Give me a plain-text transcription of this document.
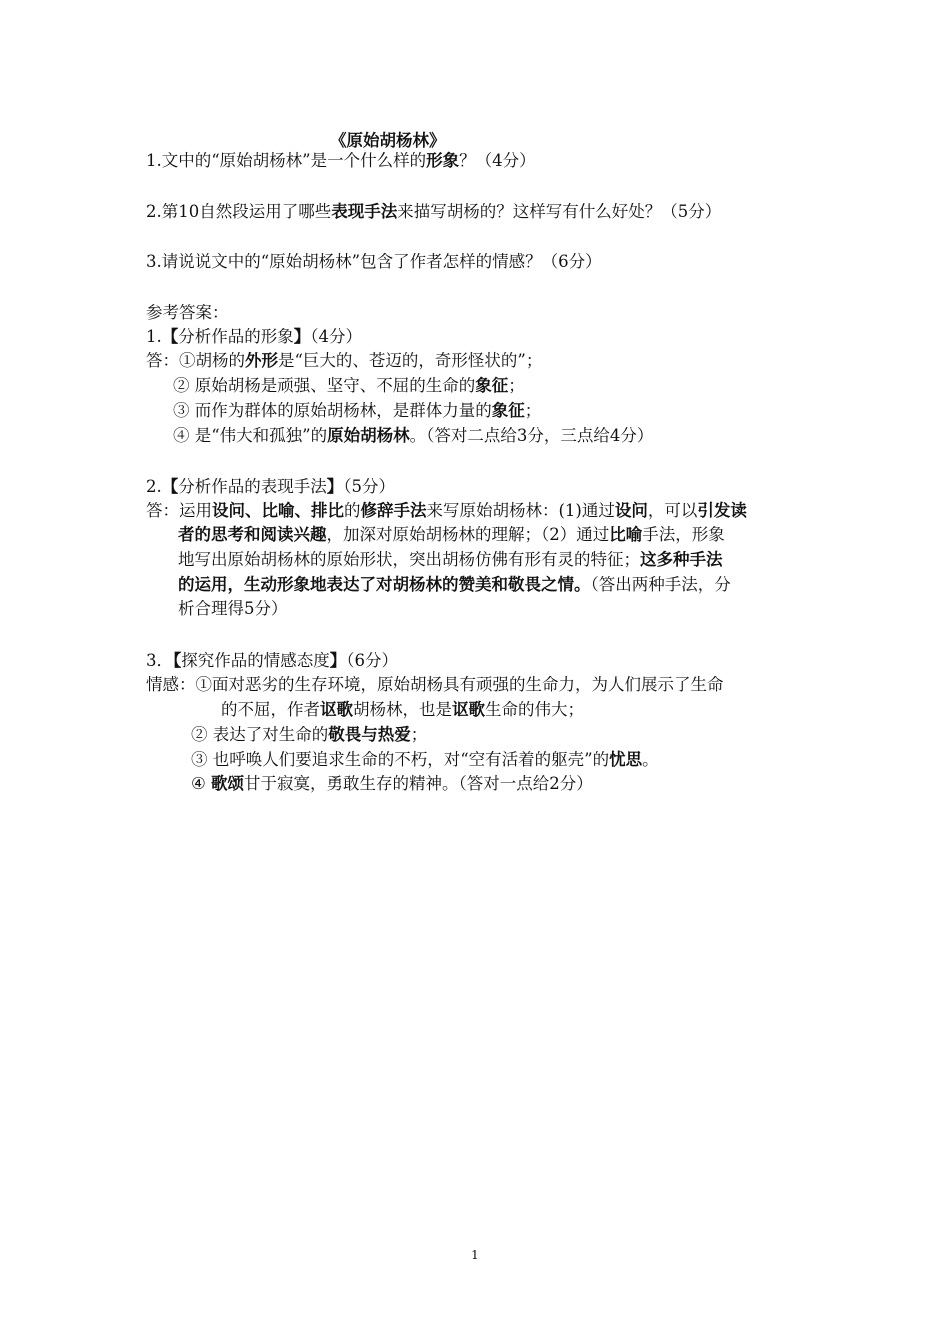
《原始胡杨林》
1.文中的“原始胡杨林”是一个什么样的形象？（4分）
2.第10自然段运用了哪些表现手法来描写胡杨的？这样写有什么好处？（5分）
3.请说说文中的“原始胡杨林”包含了作者怎样的情感？（6分）
参考答案：
1.【分析作品的形象】（4分）
答：①胡杨的外形是“巨大的、苍迈的，奇形怪状的”；
② 原始胡杨是顽强、坚守、不屈的生命的象征；
③ 而作为群体的原始胡杨林，是群体力量的象征；
④ 是“伟大和孤独”的原始胡杨林。（答对二点给3分，三点给4分）
2.【分析作品的表现手法】（5分）
答：运用设问、比喻、排比的修辞手法来写原始胡杨林：(1)通过设问，可以引发读
者的思考和阅读兴趣，加深对原始胡杨林的理解；（2）通过比喻手法，形象
地写出原始胡杨林的原始形状，突出胡杨仿佛有形有灵的特征；这多种手法
的运用，生动形象地表达了对胡杨林的赞美和敬畏之情。（答出两种手法，分
析合理得5分）
3．【探究作品的情感态度】（6分）
情感：①面对恶劣的生存环境，原始胡杨具有顽强的生命力，为人们展示了生命
的不屈，作者讴歌胡杨林，也是讴歌生命的伟大；
② 表达了对生命的敬畏与热爱；
③ 也呼唤人们要追求生命的不朽，对“空有活着的躯壳”的忧思。
④ 歌颂甘于寂寞，勇敢生存的精神。（答对一点给2分）
1
